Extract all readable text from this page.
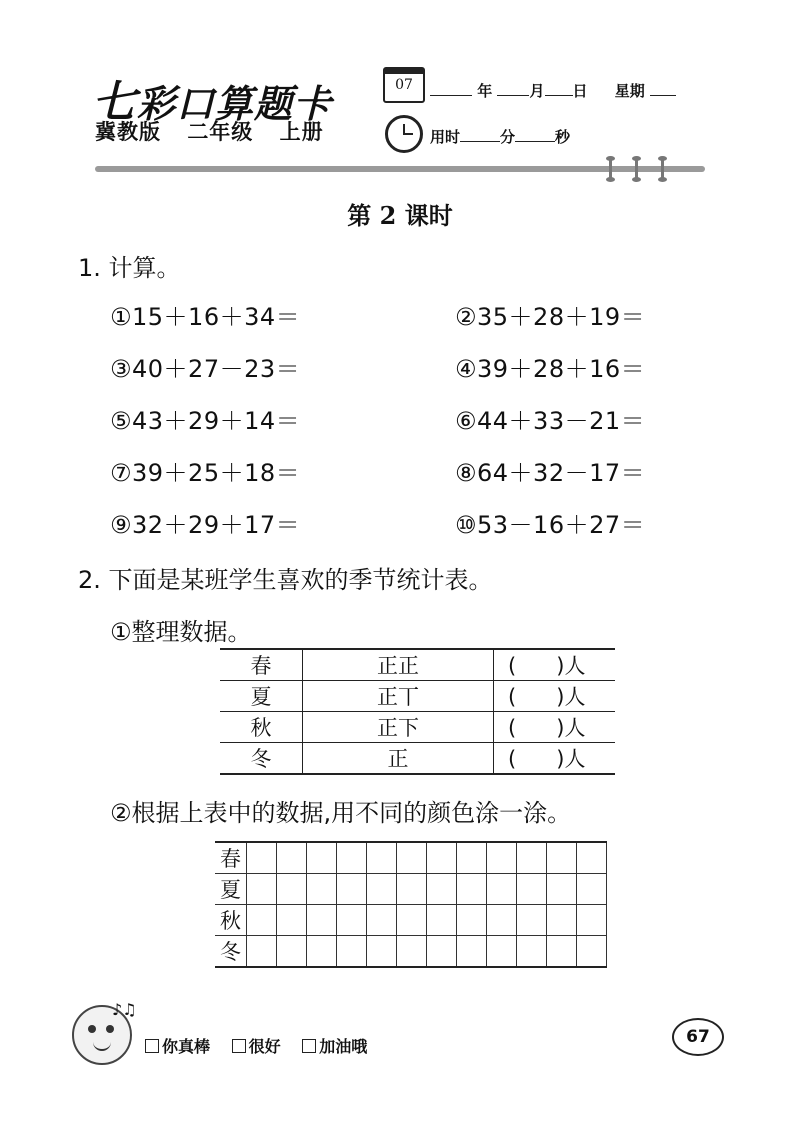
七彩口算题卡
冀教版 二年级 上册
07	年 月 日 星期
用时	分	秒
第 2 课时
1. 计算。
①15＋16＋34＝	②35＋28＋19＝
③40＋27－23＝	④39＋28＋16＝
⑤43＋29＋14＝	⑥44＋33－21＝
⑦39＋25＋18＝	⑧64＋32－17＝
⑨32＋29＋17＝	⑩53－16＋27＝
2. 下面是某班学生喜欢的季节统计表。
①整理数据。
春	正正	(      )人
夏	正丅	(      )人
秋	正下	(      )人
冬	正	(      )人
②根据上表中的数据,用不同的颜色涂一涂。
春												
夏												
秋												
冬												
♪♫
你真棒
很好
加油哦	67
